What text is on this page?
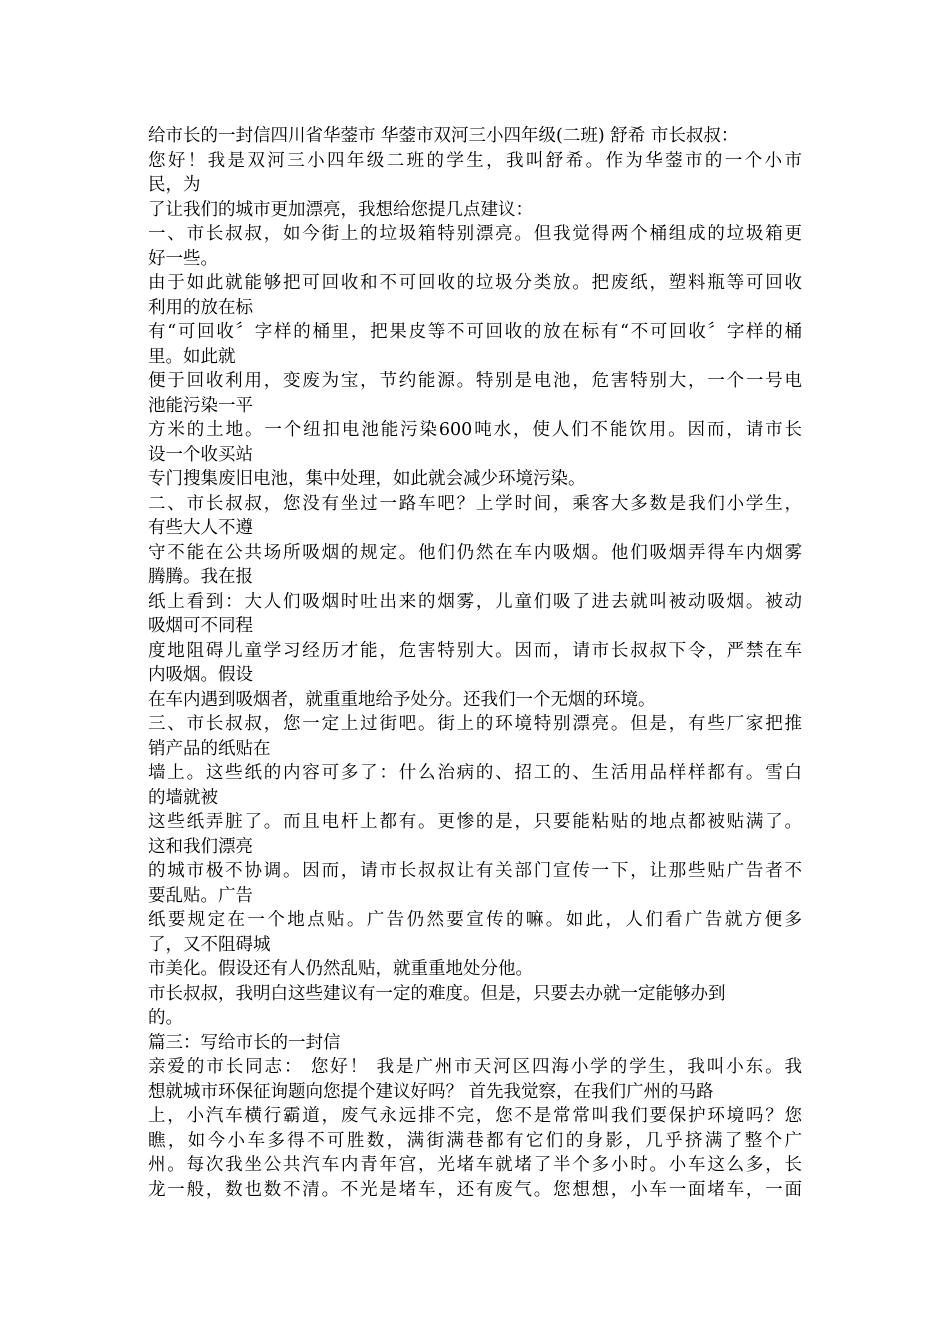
给市长的一封信四川省华蓥市 华蓥市双河三小四年级(二班) 舒希 市长叔叔：
您好！我是双河三小四年级二班的学生，我叫舒希。作为华蓥市的一个小市
民，为
了让我们的城市更加漂亮，我想给您提几点建议：
一、市长叔叔，如今街上的垃圾箱特别漂亮。但我觉得两个桶组成的垃圾箱更
好一些。
由于如此就能够把可回收和不可回收的垃圾分类放。把废纸，塑料瓶等可回收
利用的放在标
有“可回收〞字样的桶里，把果皮等不可回收的放在标有“不可回收〞字样的桶
里。如此就
便于回收利用，变废为宝，节约能源。特别是电池，危害特别大，一个一号电
池能污染一平
方米的土地。一个纽扣电池能污染600吨水，使人们不能饮用。因而，请市长
设一个收买站
专门搜集废旧电池，集中处理，如此就会减少环境污染。
二、市长叔叔，您没有坐过一路车吧？上学时间，乘客大多数是我们小学生，
有些大人不遵
守不能在公共场所吸烟的规定。他们仍然在车内吸烟。他们吸烟弄得车内烟雾
腾腾。我在报
纸上看到：大人们吸烟时吐出来的烟雾，儿童们吸了进去就叫被动吸烟。被动
吸烟可不同程
度地阻碍儿童学习经历才能，危害特别大。因而，请市长叔叔下令，严禁在车
内吸烟。假设
在车内遇到吸烟者，就重重地给予处分。还我们一个无烟的环境。
三、市长叔叔，您一定上过街吧。街上的环境特别漂亮。但是，有些厂家把推
销产品的纸贴在
墙上。这些纸的内容可多了：什么治病的、招工的、生活用品样样都有。雪白
的墙就被
这些纸弄脏了。而且电杆上都有。更惨的是，只要能粘贴的地点都被贴满了。
这和我们漂亮
的城市极不协调。因而，请市长叔叔让有关部门宣传一下，让那些贴广告者不
要乱贴。广告
纸要规定在一个地点贴。广告仍然要宣传的嘛。如此，人们看广告就方便多
了，又不阻碍城
市美化。假设还有人仍然乱贴，就重重地处分他。
市长叔叔，我明白这些建议有一定的难度。但是，只要去办就一定能够办到
的。
篇三：写给市长的一封信
亲爱的市长同志： 您好！ 我是广州市天河区四海小学的学生，我叫小东。我
想就城市环保征询题向您提个建议好吗？ 首先我觉察，在我们广州的马路
上，小汽车横行霸道，废气永远排不完，您不是常常叫我们要保护环境吗？您
瞧，如今小车多得不可胜数，满街满巷都有它们的身影，几乎挤满了整个广
州。每次我坐公共汽车内青年宫，光堵车就堵了半个多小时。小车这么多，长
龙一般，数也数不清。不光是堵车，还有废气。您想想，小车一面堵车，一面
